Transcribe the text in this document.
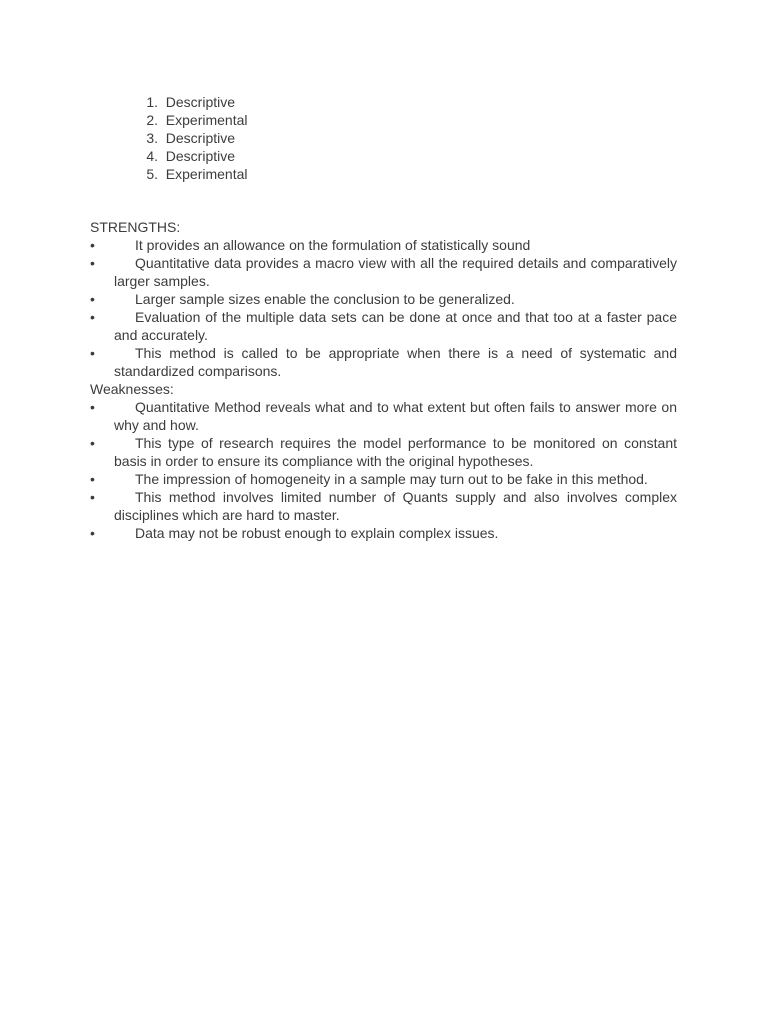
1. Descriptive
2. Experimental
3. Descriptive
4. Descriptive
5. Experimental
STRENGTHS:
•	It provides an allowance on the formulation of statistically sound
•	Quantitative data provides a macro view with all the required details and comparatively larger samples.
•	Larger sample sizes enable the conclusion to be generalized.
•	Evaluation of the multiple data sets can be done at once and that too at a faster pace and accurately.
•	This method is called to be appropriate when there is a need of systematic and standardized comparisons.
Weaknesses:
•	Quantitative Method reveals what and to what extent but often fails to answer more on why and how.
•	This type of research requires the model performance to be monitored on constant basis in order to ensure its compliance with the original hypotheses.
•	The impression of homogeneity in a sample may turn out to be fake in this method.
•	This method involves limited number of Quants supply and also involves complex disciplines which are hard to master.
•	Data may not be robust enough to explain complex issues.
